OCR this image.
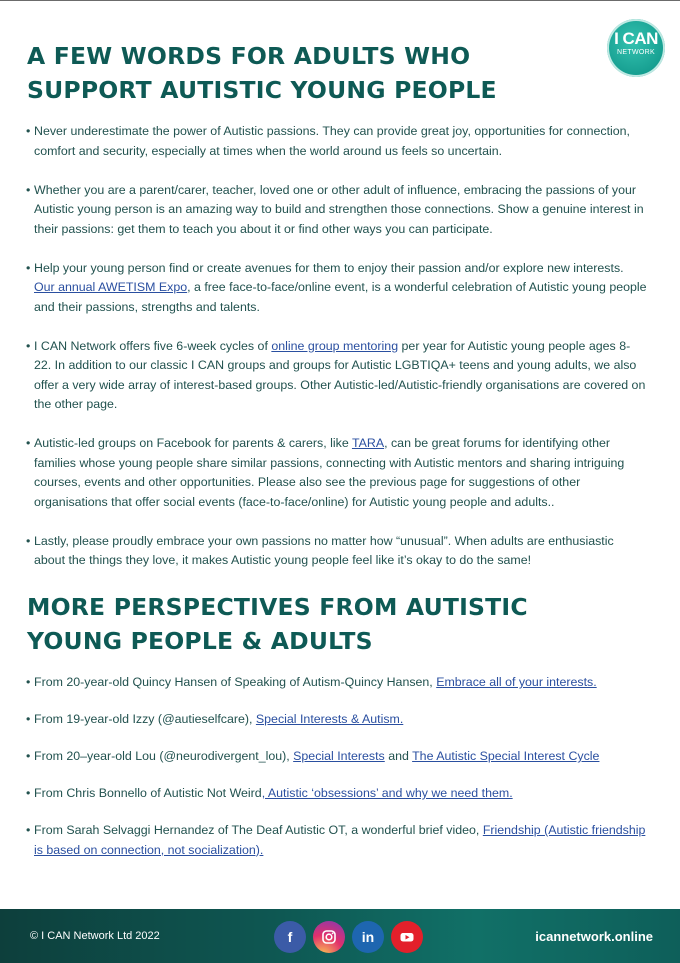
I CAN
NETWORK
A FEW WORDS FOR ADULTS WHO SUPPORT AUTISTIC YOUNG PEOPLE
• Never underestimate the power of Autistic passions. They can provide great joy, opportunities for connection, comfort and security, especially at times when the world around us feels so uncertain.
• Whether you are a parent/carer, teacher, loved one or other adult of influence, embracing the passions of your Autistic young person is an amazing way to build and strengthen those connections. Show a genuine interest in their passions: get them to teach you about it or find other ways you can participate.
• Help your young person find or create avenues for them to enjoy their passion and/or explore new interests. Our annual AWETISM Expo, a free face-to-face/online event, is a wonderful celebration of Autistic young people and their passions, strengths and talents.
• I CAN Network offers five 6-week cycles of online group mentoring per year for Autistic young people ages 8-22. In addition to our classic I CAN groups and groups for Autistic LGBTIQA+ teens and young adults, we also offer a very wide array of interest-based groups. Other Autistic-led/Autistic-friendly organisations are covered on the other page.
• Autistic-led groups on Facebook for parents & carers, like TARA, can be great forums for identifying other families whose young people share similar passions, connecting with Autistic mentors and sharing intriguing courses, events and other opportunities. Please also see the previous page for suggestions of other organisations that offer social events (face-to-face/online) for Autistic young people and adults..
• Lastly, please proudly embrace your own passions no matter how “unusual”. When adults are enthusiastic about the things they love, it makes Autistic young people feel like it’s okay to do the same!
MORE PERSPECTIVES FROM AUTISTIC YOUNG PEOPLE & ADULTS
• From 20-year-old Quincy Hansen of Speaking of Autism-Quincy Hansen, Embrace all of your interests.
• From 19-year-old Izzy (@autieselfcare), Special Interests & Autism.
• From 20–year-old Lou (@neurodivergent_lou), Special Interests and The Autistic Special Interest Cycle
• From Chris Bonnello of Autistic Not Weird, Autistic ‘obsessions’ and why we need them.
• From Sarah Selvaggi Hernandez of The Deaf Autistic OT, a wonderful brief video, Friendship (Autistic friendship is based on connection, not socialization).
© I CAN Network Ltd 2022	f	in	icannetwork.online
